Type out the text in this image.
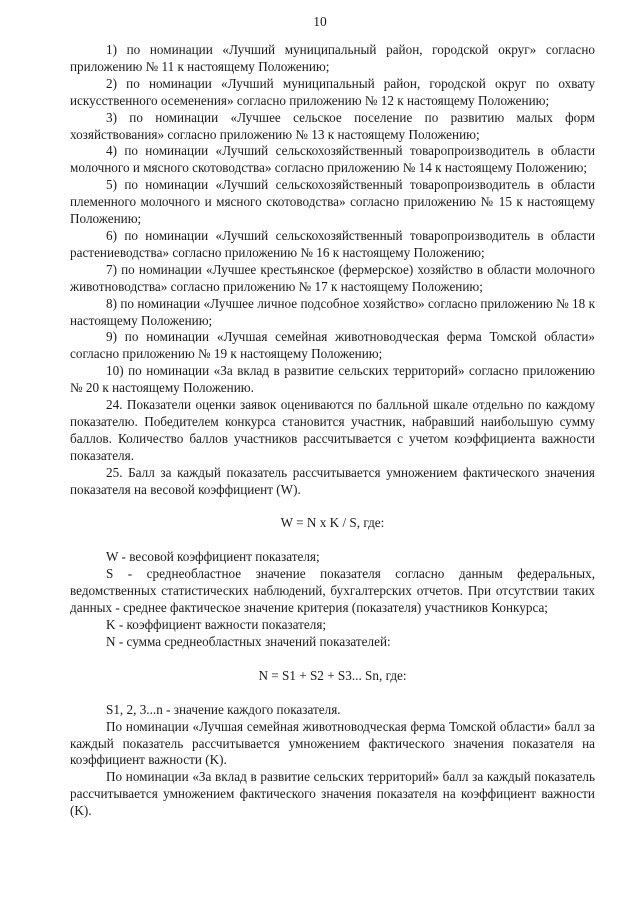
10

1) по номинации «Лучший муниципальный район, городской округ» согласно приложению № 11 к настоящему Положению;

2) по номинации «Лучший муниципальный район, городской округ по охвату искусственного осеменения» согласно приложению № 12 к настоящему Положению;

3) по номинации «Лучшее сельское поселение по развитию малых форм хозяйствования» согласно приложению № 13 к настоящему Положению;

4) по номинации «Лучший сельскохозяйственный товаропроизводитель в области молочного и мясного скотоводства» согласно приложению № 14 к настоящему Положению;

5) по номинации «Лучший сельскохозяйственный товаропроизводитель в области племенного молочного и мясного скотоводства» согласно приложению № 15 к настоящему Положению;

6) по номинации «Лучший сельскохозяйственный товаропроизводитель в области растениеводства» согласно приложению № 16 к настоящему Положению;

7) по номинации «Лучшее крестьянское (фермерское) хозяйство в области молочного животноводства» согласно приложению № 17 к настоящему Положению;

8) по номинации «Лучшее личное подсобное хозяйство» согласно приложению № 18 к настоящему Положению;

9) по номинации «Лучшая семейная животноводческая ферма Томской области» согласно приложению № 19 к настоящему Положению;

10) по номинации «За вклад в развитие сельских территорий» согласно приложению № 20 к настоящему Положению.

24. Показатели оценки заявок оцениваются по балльной шкале отдельно по каждому показателю. Победителем конкурса становится участник, набравший наибольшую сумму баллов. Количество баллов участников рассчитывается с учетом коэффициента важности показателя.

25. Балл за каждый показатель рассчитывается умножением фактического значения показателя на весовой коэффициент (W).

W = N x K / S, где:

W - весовой коэффициент показателя;

S - среднеобластное значение показателя согласно данным федеральных, ведомственных статистических наблюдений, бухгалтерских отчетов. При отсутствии таких данных - среднее фактическое значение критерия (показателя) участников Конкурса;

K - коэффициент важности показателя;

N - сумма среднеобластных значений показателей:

N = S1 + S2 + S3... Sn, где:

S1, 2, 3...n - значение каждого показателя.

По номинации «Лучшая семейная животноводческая ферма Томской области» балл за каждый показатель рассчитывается умножением фактического значения показателя на коэффициент важности (K).

По номинации «За вклад в развитие сельских территорий» балл за каждый показатель рассчитывается умножением фактического значения показателя на коэффициент важности (K).
